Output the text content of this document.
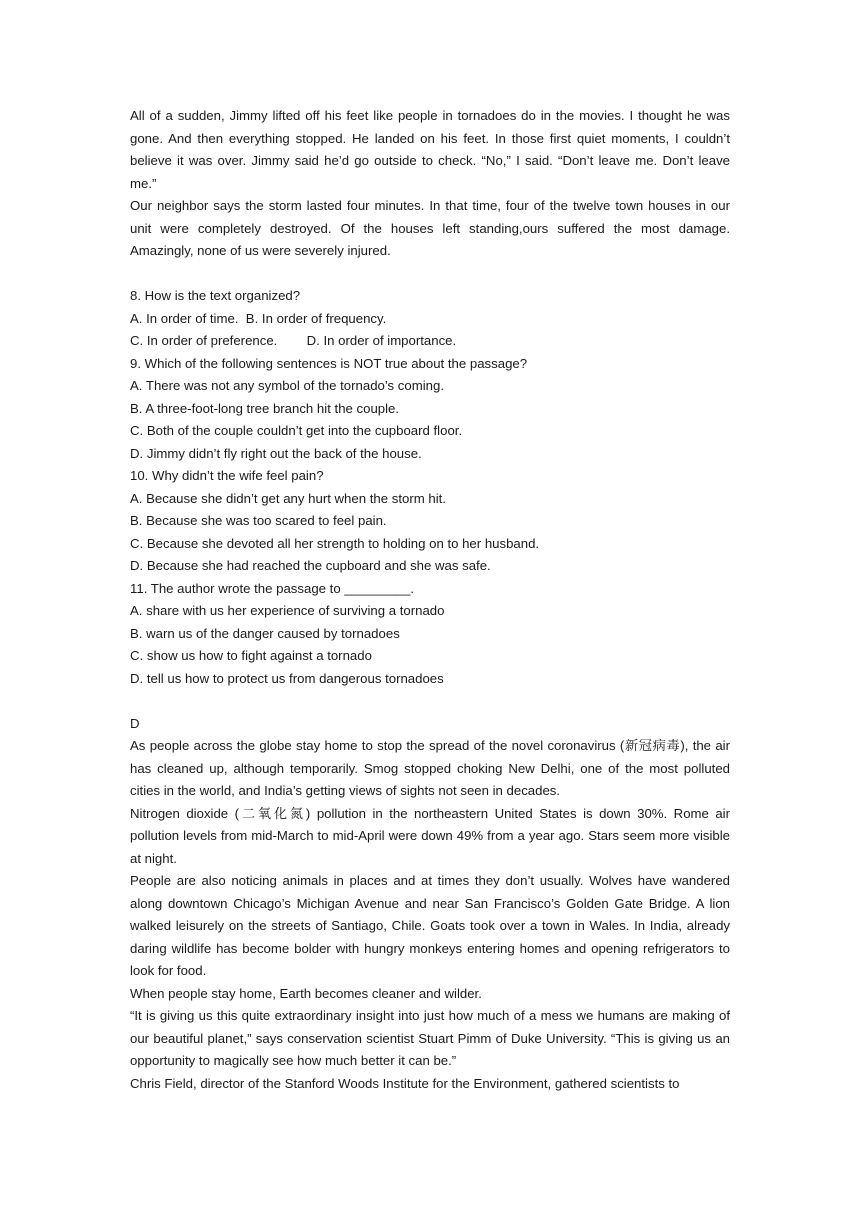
All of a sudden, Jimmy lifted off his feet like people in tornadoes do in the movies. I thought he was gone. And then everything stopped. He landed on his feet. In those first quiet moments, I couldn’t believe it was over. Jimmy said he’d go outside to check. “No,” I said. “Don’t leave me. Don’t leave me.”

Our neighbor says the storm lasted four minutes. In that time, four of the twelve town houses in our unit were completely destroyed. Of the houses left standing,ours suffered the most damage. Amazingly, none of us were severely injured.

8. How is the text organized?

A. In order of time.  B. In order of frequency.

C. In order of preference.        D. In order of importance.

9. Which of the following sentences is NOT true about the passage?

A. There was not any symbol of the tornado’s coming.

B. A three-foot-long tree branch hit the couple.

C. Both of the couple couldn’t get into the cupboard floor.

D. Jimmy didn’t fly right out the back of the house.

10. Why didn’t the wife feel pain?

A. Because she didn’t get any hurt when the storm hit.

B. Because she was too scared to feel pain.

C. Because she devoted all her strength to holding on to her husband.

D. Because she had reached the cupboard and she was safe.

11. The author wrote the passage to _________.

A. share with us her experience of surviving a tornado

B. warn us of the danger caused by tornadoes

C. show us how to fight against a tornado

D. tell us how to protect us from dangerous tornadoes

D

As people across the globe stay home to stop the spread of the novel coronavirus (新冠病毒), the air has cleaned up, although temporarily. Smog stopped choking New Delhi, one of the most polluted cities in the world, and India’s getting views of sights not seen in decades.

Nitrogen dioxide (二氧化氮) pollution in the northeastern United States is down 30%. Rome air pollution levels from mid-March to mid-April were down 49% from a year ago. Stars seem more visible at night.

People are also noticing animals in places and at times they don’t usually. Wolves have wandered along downtown Chicago’s Michigan Avenue and near San Francisco’s Golden Gate Bridge. A lion walked leisurely on the streets of Santiago, Chile. Goats took over a town in Wales. In India, already daring wildlife has become bolder with hungry monkeys entering homes and opening refrigerators to look for food.

When people stay home, Earth becomes cleaner and wilder.

“It is giving us this quite extraordinary insight into just how much of a mess we humans are making of our beautiful planet,” says conservation scientist Stuart Pimm of Duke University. “This is giving us an opportunity to magically see how much better it can be.”

Chris Field, director of the Stanford Woods Institute for the Environment, gathered scientists to
